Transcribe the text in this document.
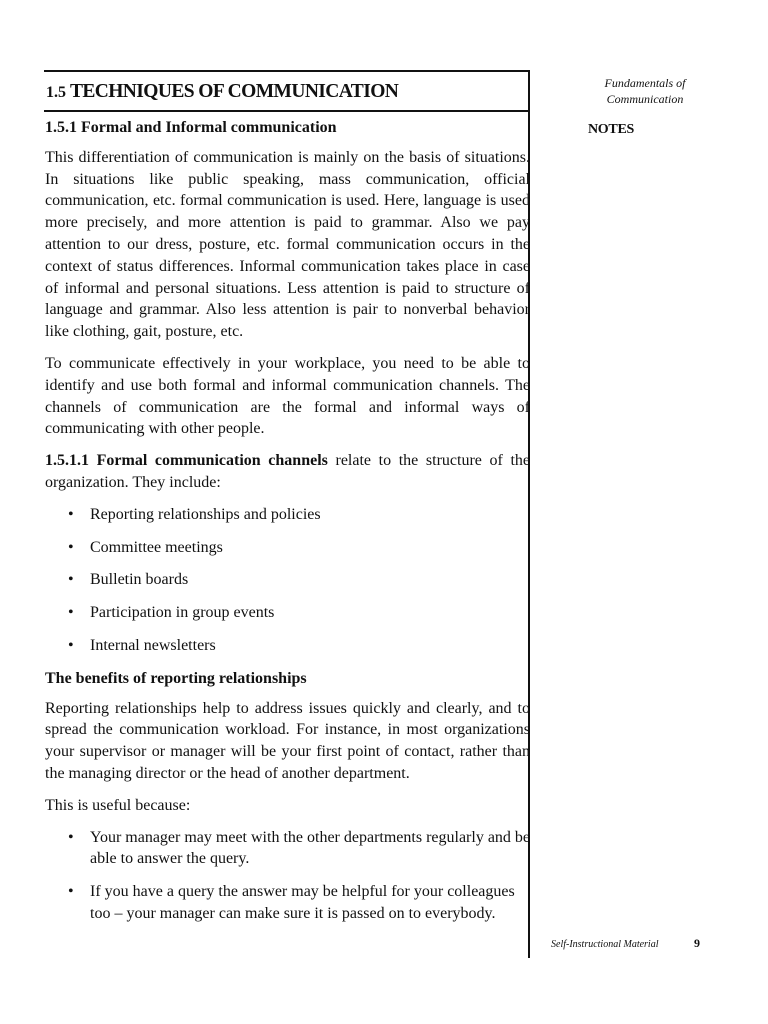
1.5 TECHNIQUES OF COMMUNICATION
1.5.1 Formal and Informal communication

This differentiation of communication is mainly on the basis of situations. In situations like public speaking, mass communication, official communication, etc. formal communication is used. Here, language is used more precisely, and more attention is paid to grammar. Also we pay attention to our dress, posture, etc. formal communication occurs in the context of status differences. Informal communication takes place in case of informal and personal situations. Less attention is paid to structure of language and grammar. Also less attention is pair to nonverbal behavior like clothing, gait, posture, etc.

To communicate effectively in your workplace, you need to be able to identify and use both formal and informal communication channels. The channels of communication are the formal and informal ways of communicating with other people.

1.5.1.1 Formal communication channels relate to the structure of the organization. They include:

• Reporting relationships and policies
• Committee meetings
• Bulletin boards
• Participation in group events
• Internal newsletters
The benefits of reporting relationships

Reporting relationships help to address issues quickly and clearly, and to spread the communication workload. For instance, in most organizations your supervisor or manager will be your first point of contact, rather than the managing director or the head of another department.

This is useful because:

• Your manager may meet with the other departments regularly and be able to answer the query.
• If you have a query the answer may be helpful for your colleagues too – your manager can make sure it is passed on to everybody.
Fundamentals of
Communication
NOTES
Self-Instructional Material	9
